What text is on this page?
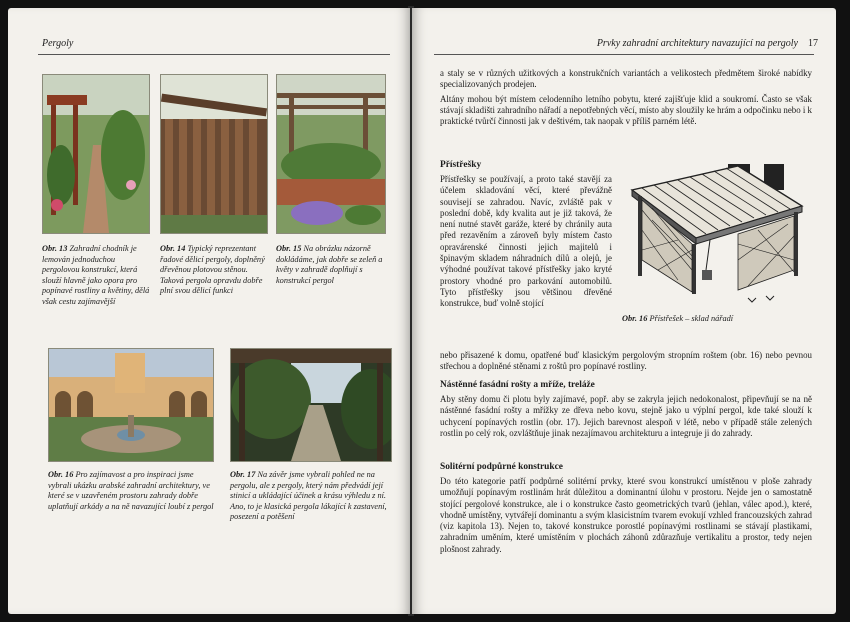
Pergoly
Obr. 13 Zahradní chodník je lemován jednoduchou pergolovou konstrukcí, která slouží hlavně jako opora pro popínavé rostliny a květiny, dělá však cestu zajímavější
Obr. 14 Typický reprezentant řadové dělicí pergoly, doplněný dřevěnou plotovou stěnou. Taková pergola opravdu dobře plní svou dělicí funkci
Obr. 15 Na obrázku názorně dokládáme, jak dobře se zeleň a květy v zahradě doplňují s konstrukcí pergol
Obr. 16 Pro zajímavost a pro inspiraci jsme vybrali ukázku arabské zahradní architektury, ve které se v uzavřeném prostoru zahrady dobře uplatňují arkády a na ně navazující loubí z pergol
Obr. 17 Na závěr jsme vybrali pohled ne na pergolu, ale z pergoly, který nám předvádí její stinicí a ukládající účinek a krásu výhledu z ní. Ano, to je klasická pergola lákající k zastavení, posezení a potěšení
Prvky zahradní architektury navazující na pergoly 17

a staly se v různých užitkových a konstrukčních variantách a velikostech předmětem široké nabídky specializovaných prodejen.

Altány mohou být místem celodenního letního pobytu, které zajišťuje klid a soukromí. Často se však stávají skladišti zahradního nářadí a nepotřebných věcí, místo aby sloužily ke hrám a odpočinku nebo i k praktické tvůrčí činnosti jak v deštivém, tak naopak v příliš parném létě.

Přístřešky
Přístřešky se používají, a proto také stavějí za účelem skladování věcí, které převážně souvisejí se zahradou. Navíc, zvláště pak v poslední době, kdy kvalita aut je již taková, že není nutné stavět garáže, které by chránily auta před rezavěním a zároveň byly místem často opravárenské činnosti jejich majitelů i špinavým skladem náhradních dílů a olejů, je výhodné používat takové přístřešky jako kryté prostory vhodné pro parkování automobilů. Tyto přístřešky jsou většinou dřevěné konstrukce, buď volně stojící
Obr. 16 Přístřešek – sklad nářadí
nebo přisazené k domu, opatřené buď klasickým pergolovým stropním roštem (obr. 16) nebo pevnou střechou a doplněné stěnami z roštů pro popínavé rostliny.
Nástěnné fasádní rošty a mříže, treláže
Aby stěny domu či plotu byly zajímavé, popř. aby se zakryla jejich nedokonalost, připevňují se na ně nástěnné fasádní rošty a mřížky ze dřeva nebo kovu, stejně jako u výplní pergol, kde také slouží k uchycení popínavých rostlin (obr. 17). Jejich barevnost alespoň v létě, nebo v případě stále zelených rostlin po celý rok, ozvláštňuje jinak nezajímavou architekturu a integruje ji do zahrady.
Solitérní podpůrné konstrukce
Do této kategorie patří podpůrné solitérní prvky, které svou konstrukcí umístěnou v ploše zahrady umožňují popínavým rostlinám hrát důležitou a dominantní úlohu v prostoru. Nejde jen o samostatně stojící pergolové konstrukce, ale i o konstrukce často geometrických tvarů (jehlan, válec apod.), které, vhodně umístěny, vytvářejí dominantu a svým klasicistním tvarem evokují vzhled francouzských zahrad (viz kapitola 13). Nejen to, takové konstrukce porostlé popínavými rostlinami se stávají plastikami, zahradním uměním, které umístěním v plochách záhonů zdůrazňuje vertikalitu a prostor, tedy nejen plošnost zahrady.
